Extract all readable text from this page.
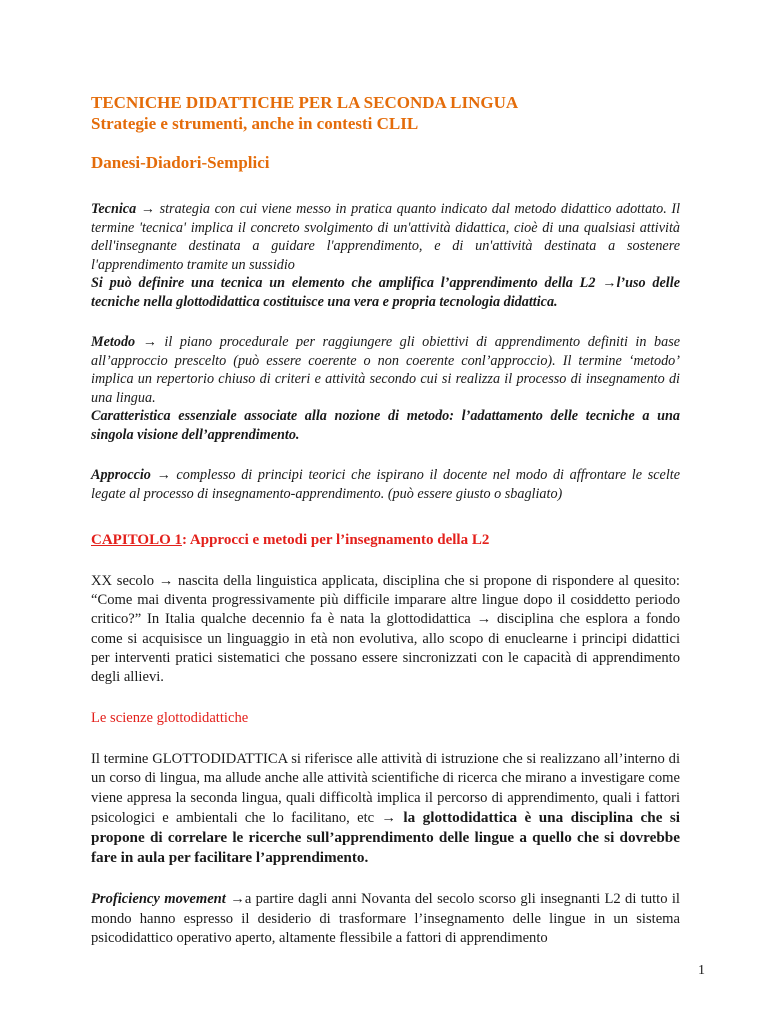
TECNICHE DIDATTICHE PER LA SECONDA LINGUA
Strategie e strumenti, anche in contesti CLIL
Danesi-Diadori-Semplici

Tecnica → strategia con cui viene messo in pratica quanto indicato dal metodo didattico adottato. Il termine 'tecnica' implica il concreto svolgimento di un'attività didattica, cioè di una qualsiasi attività dell'insegnante destinata a guidare l'apprendimento, e di un'attività destinata a sostenere l'apprendimento tramite un sussidio

Si può definire una tecnica un elemento che amplifica l’apprendimento della L2 →l’uso delle tecniche nella glottodidattica costituisce una vera e propria tecnologia didattica.

Metodo → il piano procedurale per raggiungere gli obiettivi di apprendimento definiti in base all’approccio prescelto (può essere coerente o non coerente conl’approccio). Il termine ‘metodo’ implica un repertorio chiuso di criteri e attività secondo cui si realizza il processo di insegnamento di una lingua.

Caratteristica essenziale associate alla nozione di metodo: l’adattamento delle tecniche a una singola visione dell’apprendimento.

Approccio → complesso di principi teorici che ispirano il docente nel modo di affrontare le scelte legate al processo di insegnamento-apprendimento. (può essere giusto o sbagliato)

CAPITOLO 1: Approcci e metodi per l’insegnamento della L2

XX secolo → nascita della linguistica applicata, disciplina che si propone di rispondere al quesito: “Come mai diventa progressivamente più difficile imparare altre lingue dopo il cosiddetto periodo critico?” In Italia qualche decennio fa è nata la glottodidattica → disciplina che esplora a fondo come si acquisisce un linguaggio in età non evolutiva, allo scopo di enuclearne i principi didattici per interventi pratici sistematici che possano essere sincronizzati con le capacità di apprendimento degli allievi.

Le scienze glottodidattiche

Il termine GLOTTODIDATTICA si riferisce alle attività di istruzione che si realizzano all’interno di un corso di lingua, ma allude anche alle attività scientifiche di ricerca che mirano a investigare come viene appresa la seconda lingua, quali difficoltà implica il percorso di apprendimento, quali i fattori psicologici e ambientali che lo facilitano, etc → la glottodidattica è una disciplina che si propone di correlare le ricerche sull’apprendimento delle lingue a quello che si dovrebbe fare in aula per facilitare l’apprendimento.

Proficiency movement →a partire dagli anni Novanta del secolo scorso gli insegnanti L2 di tutto il mondo hanno espresso il desiderio di trasformare l’insegnamento delle lingue in un sistema psicodidattico operativo aperto, altamente flessibile a fattori di apprendimento

1
